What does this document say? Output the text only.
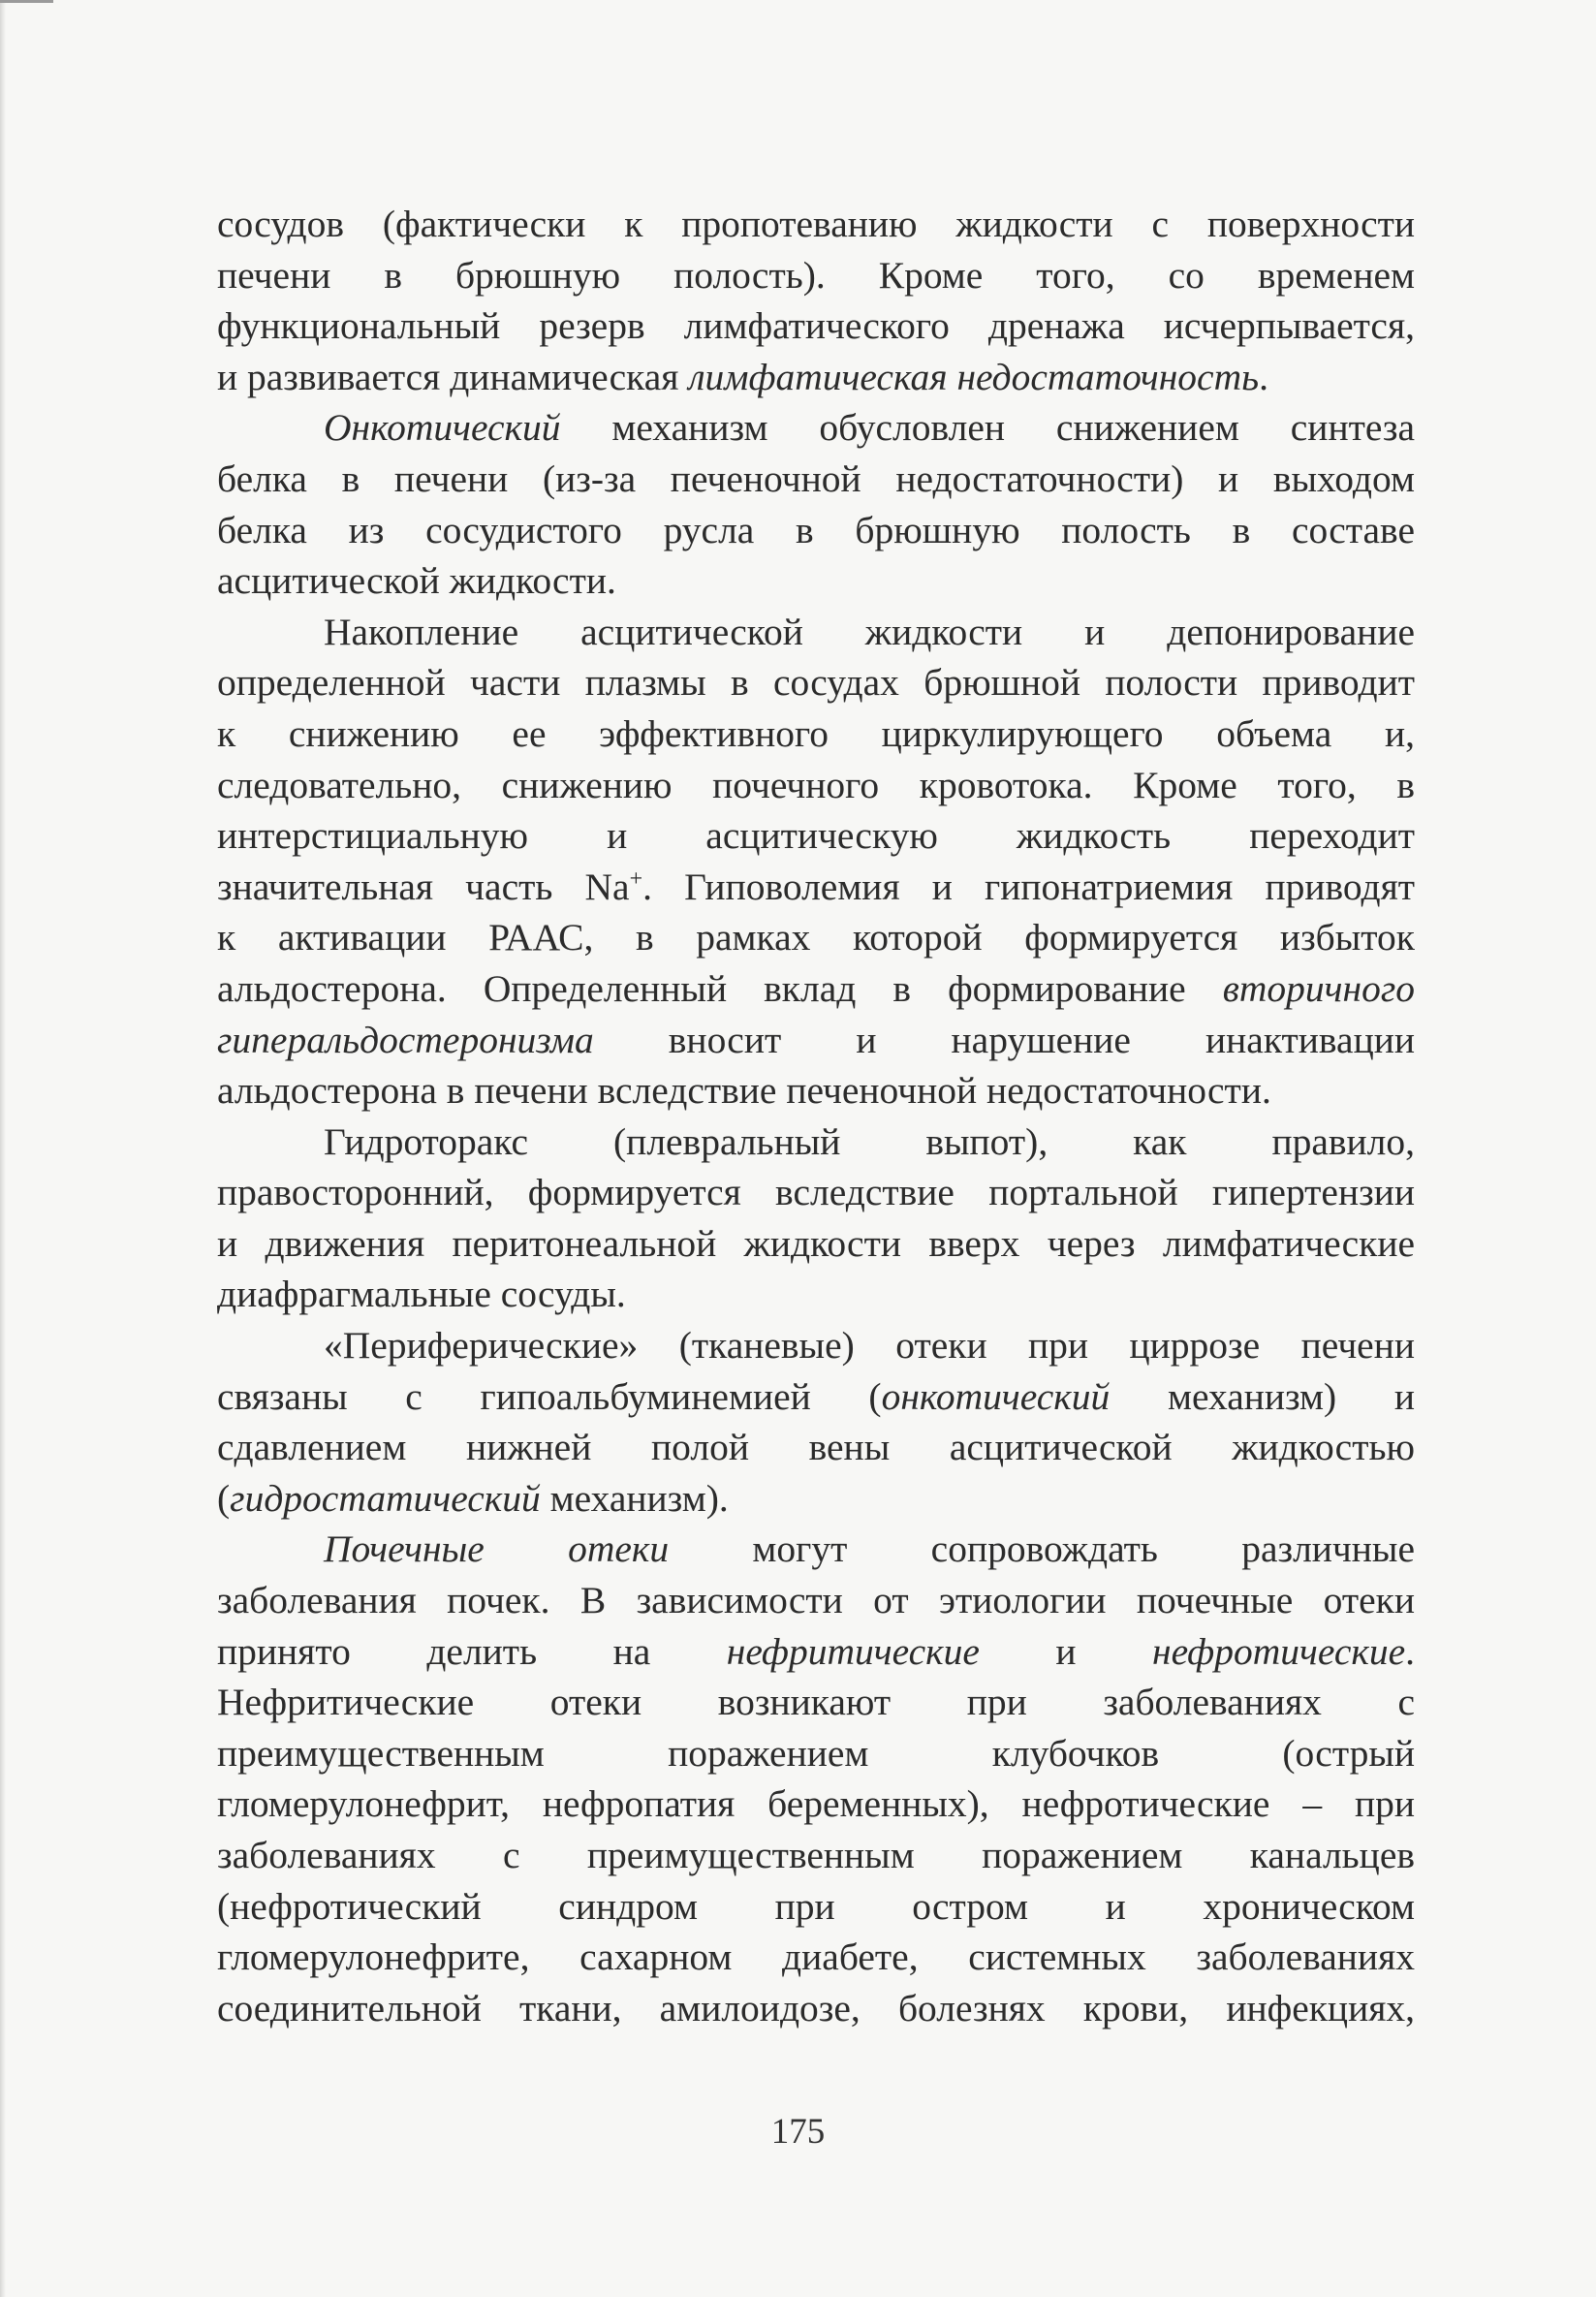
сосудов (фактически к пропотеванию жидкости с поверхности
печени в брюшную полость). Кроме того, со временем
функциональный резерв лимфатического дренажа исчерпывается,
и развивается динамическая лимфатическая недостаточность.
Онкотический механизм обусловлен снижением синтеза
белка в печени (из-за печеночной недостаточности) и выходом
белка из сосудистого русла в брюшную полость в составе
асцитической жидкости.
Накопление асцитической жидкости и депонирование
определенной части плазмы в сосудах брюшной полости приводит
к снижению ее эффективного циркулирующего объема и,
следовательно, снижению почечного кровотока. Кроме того, в
интерстициальную и асцитическую жидкость переходит
значительная часть Na+. Гиповолемия и гипонатриемия приводят
к активации РААС, в рамках которой формируется избыток
альдостерона. Определенный вклад в формирование вторичного
гиперальдостеронизма вносит и нарушение инактивации
альдостерона в печени вследствие печеночной недостаточности.
Гидроторакс (плевральный выпот), как правило,
правосторонний, формируется вследствие портальной гипертензии
и движения перитонеальной жидкости вверх через лимфатические
диафрагмальные сосуды.
«Периферические» (тканевые) отеки при циррозе печени
связаны с гипоальбуминемией (онкотический механизм) и
сдавлением нижней полой вены асцитической жидкостью
(гидростатический механизм).
Почечные отеки могут сопровождать различные
заболевания почек. В зависимости от этиологии почечные отеки
принято делить на нефритические и нефротические.
Нефритические отеки возникают при заболеваниях с
преимущественным поражением клубочков (острый
гломерулонефрит, нефропатия беременных), нефротические – при
заболеваниях с преимущественным поражением канальцев
(нефротический синдром при остром и хроническом
гломерулонефрите, сахарном диабете, системных заболеваниях
соединительной ткани, амилоидозе, болезнях крови, инфекциях,
175
